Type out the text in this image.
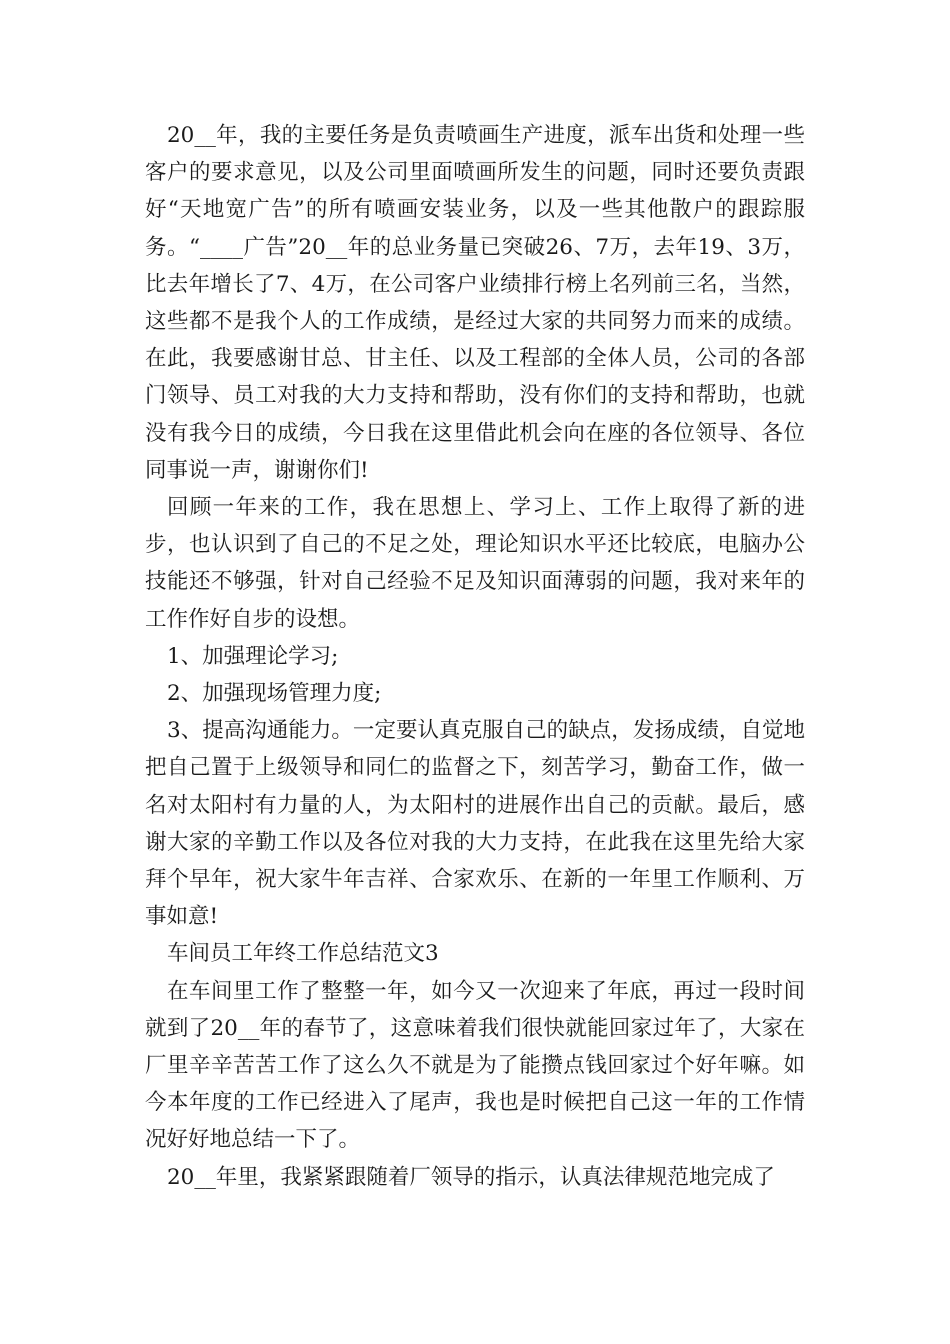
20__年，我的主要任务是负责喷画生产进度，派车出货和处理一些客户的要求意见，以及公司里面喷画所发生的问题，同时还要负责跟好“天地宽广告”的所有喷画安装业务，以及一些其他散户的跟踪服务。“____广告”20__年的总业务量已突破26、7万，去年19、3万，比去年增长了7、4万，在公司客户业绩排行榜上名列前三名，当然，这些都不是我个人的工作成绩，是经过大家的共同努力而来的成绩。在此，我要感谢甘总、甘主任、以及工程部的全体人员，公司的各部门领导、员工对我的大力支持和帮助，没有你们的支持和帮助，也就没有我今日的成绩，今日我在这里借此机会向在座的各位领导、各位同事说一声，谢谢你们!

回顾一年来的工作，我在思想上、学习上、工作上取得了新的进步，也认识到了自己的不足之处，理论知识水平还比较底，电脑办公技能还不够强，针对自己经验不足及知识面薄弱的问题，我对来年的工作作好自步的设想。

1、加强理论学习;

2、加强现场管理力度;

3、提高沟通能力。一定要认真克服自己的缺点，发扬成绩，自觉地把自己置于上级领导和同仁的监督之下，刻苦学习，勤奋工作，做一名对太阳村有力量的人，为太阳村的进展作出自己的贡献。最后，感谢大家的辛勤工作以及各位对我的大力支持，在此我在这里先给大家拜个早年，祝大家牛年吉祥、合家欢乐、在新的一年里工作顺利、万事如意!

车间员工年终工作总结范文3

在车间里工作了整整一年，如今又一次迎来了年底，再过一段时间就到了20__年的春节了，这意味着我们很快就能回家过年了，大家在厂里辛辛苦苦工作了这么久不就是为了能攒点钱回家过个好年嘛。如今本年度的工作已经进入了尾声，我也是时候把自己这一年的工作情况好好地总结一下了。

20__年里，我紧紧跟随着厂领导的指示，认真法律规范地完成了
